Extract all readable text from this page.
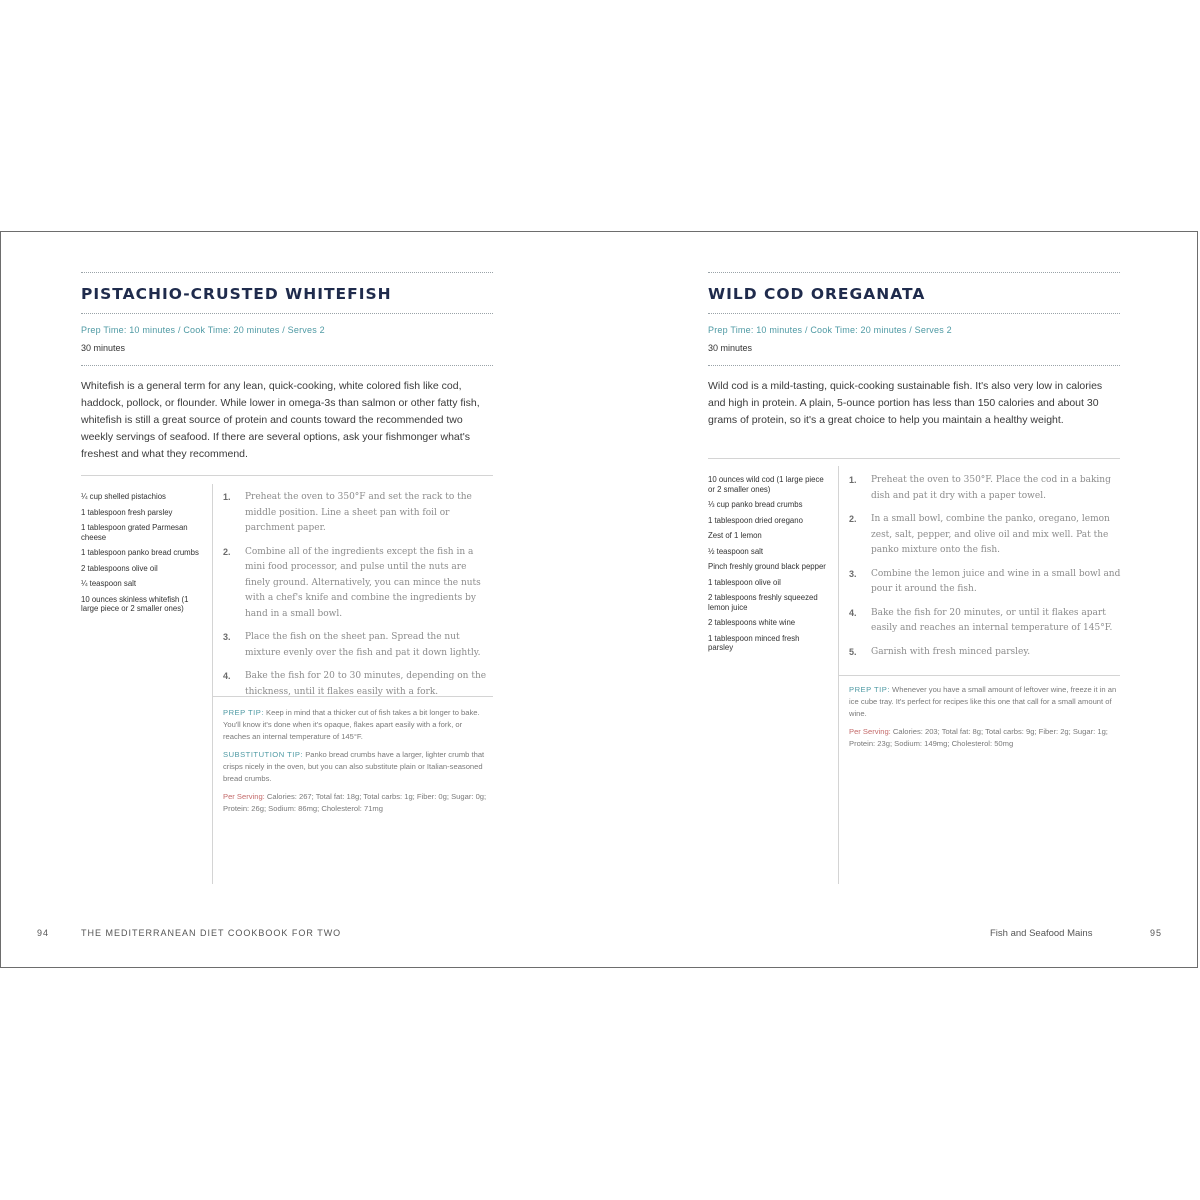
PISTACHIO-CRUSTED WHITEFISH
Prep Time: 10 minutes / Cook Time: 20 minutes / Serves 2
30 minutes
Whitefish is a general term for any lean, quick-cooking, white colored fish like cod, haddock, pollock, or flounder. While lower in omega-3s than salmon or other fatty fish, whitefish is still a great source of protein and counts toward the recommended two weekly servings of seafood. If there are several options, ask your fishmonger what's freshest and what they recommend.
¼ cup shelled pistachios
1 tablespoon fresh parsley
1 tablespoon grated Parmesan cheese
1 tablespoon panko bread crumbs
2 tablespoons olive oil
¼ teaspoon salt
10 ounces skinless whitefish (1 large piece or 2 smaller ones)
1. Preheat the oven to 350°F and set the rack to the middle position. Line a sheet pan with foil or parchment paper.
2. Combine all of the ingredients except the fish in a mini food processor, and pulse until the nuts are finely ground. Alternatively, you can mince the nuts with a chef's knife and combine the ingredients by hand in a small bowl.
3. Place the fish on the sheet pan. Spread the nut mixture evenly over the fish and pat it down lightly.
4. Bake the fish for 20 to 30 minutes, depending on the thickness, until it flakes easily with a fork.

PREP TIP: Keep in mind that a thicker cut of fish takes a bit longer to bake. You'll know it's done when it's opaque, flakes apart easily with a fork, or reaches an internal temperature of 145°F.

SUBSTITUTION TIP: Panko bread crumbs have a larger, lighter crumb that crisps nicely in the oven, but you can also substitute plain or Italian-seasoned bread crumbs.

Per Serving: Calories: 267; Total fat: 18g; Total carbs: 1g; Fiber: 0g; Sugar: 0g; Protein: 26g; Sodium: 86mg; Cholesterol: 71mg

94	THE MEDITERRANEAN DIET COOKBOOK FOR TWO
WILD COD OREGANATA
Prep Time: 10 minutes / Cook Time: 20 minutes / Serves 2
30 minutes
Wild cod is a mild-tasting, quick-cooking sustainable fish. It's also very low in calories and high in protein. A plain, 5-ounce portion has less than 150 calories and about 30 grams of protein, so it's a great choice to help you maintain a healthy weight.
10 ounces wild cod (1 large piece or 2 smaller ones)
⅓ cup panko bread crumbs
1 tablespoon dried oregano
Zest of 1 lemon
½ teaspoon salt
Pinch freshly ground black pepper
1 tablespoon olive oil
2 tablespoons freshly squeezed lemon juice
2 tablespoons white wine
1 tablespoon minced fresh parsley
1. Preheat the oven to 350°F. Place the cod in a baking dish and pat it dry with a paper towel.
2. In a small bowl, combine the panko, oregano, lemon zest, salt, pepper, and olive oil and mix well. Pat the panko mixture onto the fish.
3. Combine the lemon juice and wine in a small bowl and pour it around the fish.
4. Bake the fish for 20 minutes, or until it flakes apart easily and reaches an internal temperature of 145°F.
5. Garnish with fresh minced parsley.

PREP TIP: Whenever you have a small amount of leftover wine, freeze it in an ice cube tray. It's perfect for recipes like this one that call for a small amount of wine.

Per Serving: Calories: 203; Total fat: 8g; Total carbs: 9g; Fiber: 2g; Sugar: 1g; Protein: 23g; Sodium: 149mg; Cholesterol: 50mg

Fish and Seafood Mains	95
